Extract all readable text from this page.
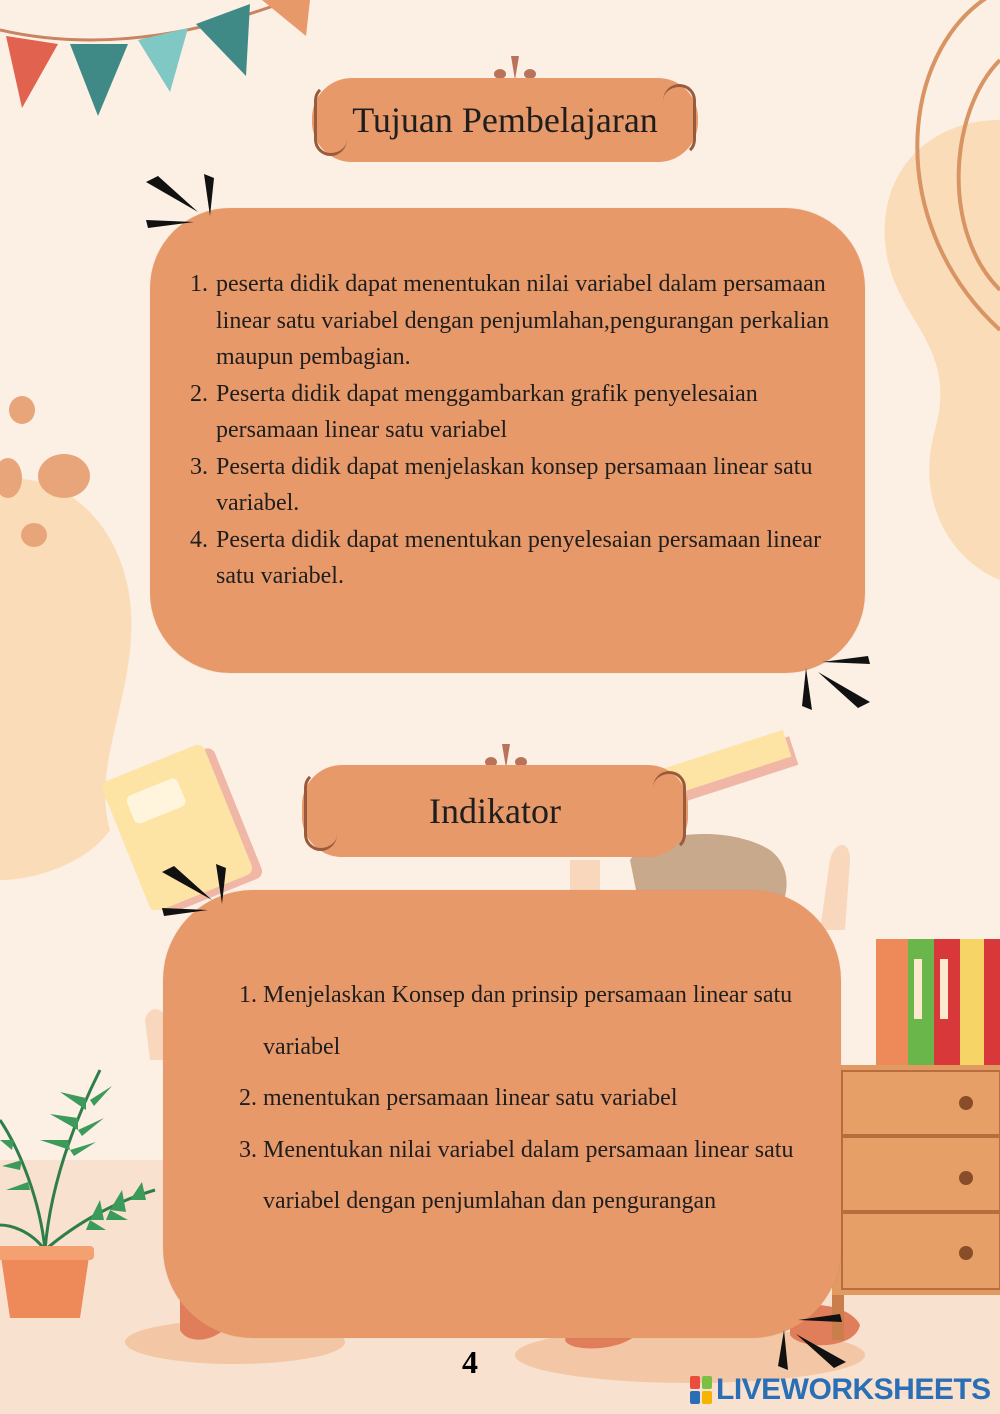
Tujuan Pembelajaran
1. peserta didik dapat menentukan nilai variabel dalam persamaan linear satu variabel dengan penjumlahan,pengurangan perkalian maupun pembagian.
2. Peserta didik dapat menggambarkan grafik penyelesaian persamaan linear satu variabel
3. Peserta didik dapat menjelaskan konsep persamaan linear satu variabel.
4. Peserta didik dapat menentukan penyelesaian persamaan linear satu variabel.
Indikator
1. Menjelaskan Konsep dan prinsip persamaan linear satu variabel
2. menentukan persamaan linear satu variabel
3. Menentukan nilai variabel dalam persamaan linear satu variabel dengan penjumlahan dan pengurangan
4
LIVEWORKSHEETS
